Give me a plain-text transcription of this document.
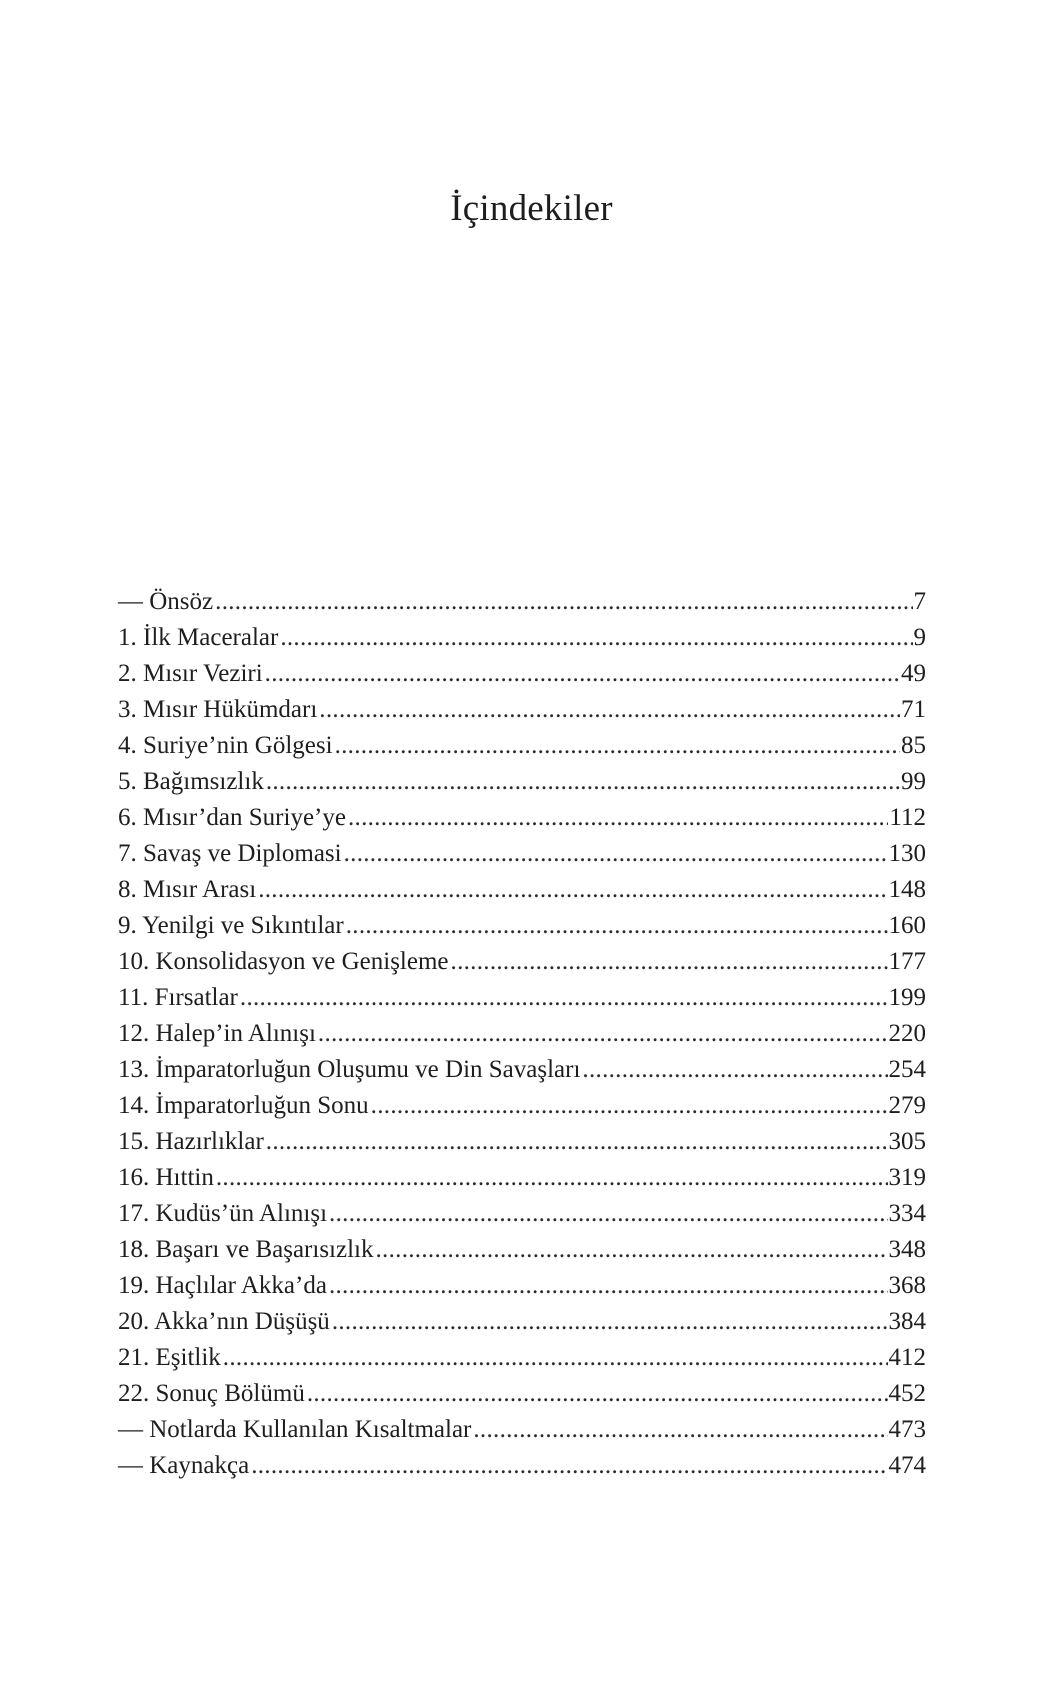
İçindekiler
— Önsöz .....	7
1. İlk Maceralar .....	9
2. Mısır Veziri .....	49
3. Mısır Hükümdarı .....	71
4. Suriye’nin Gölgesi .....	85
5. Bağımsızlık .....	99
6. Mısır’dan Suriye’ye .....	112
7. Savaş ve Diplomasi .....	130
8. Mısır Arası .....	148
9. Yenilgi ve Sıkıntılar .....	160
10. Konsolidasyon ve Genişleme .....	177
11. Fırsatlar .....	199
12. Halep’in Alınışı .....	220
13. İmparatorluğun Oluşumu ve Din Savaşları .....	254
14. İmparatorluğun Sonu .....	279
15. Hazırlıklar .....	305
16. Hıttin .....	319
17. Kudüs’ün Alınışı .....	334
18. Başarı ve Başarısızlık .....	348
19. Haçlılar Akka’da .....	368
20. Akka’nın Düşüşü .....	384
21. Eşitlik .....	412
22. Sonuç Bölümü .....	452
— Notlarda Kullanılan Kısaltmalar .....	473
— Kaynakça .....	474
